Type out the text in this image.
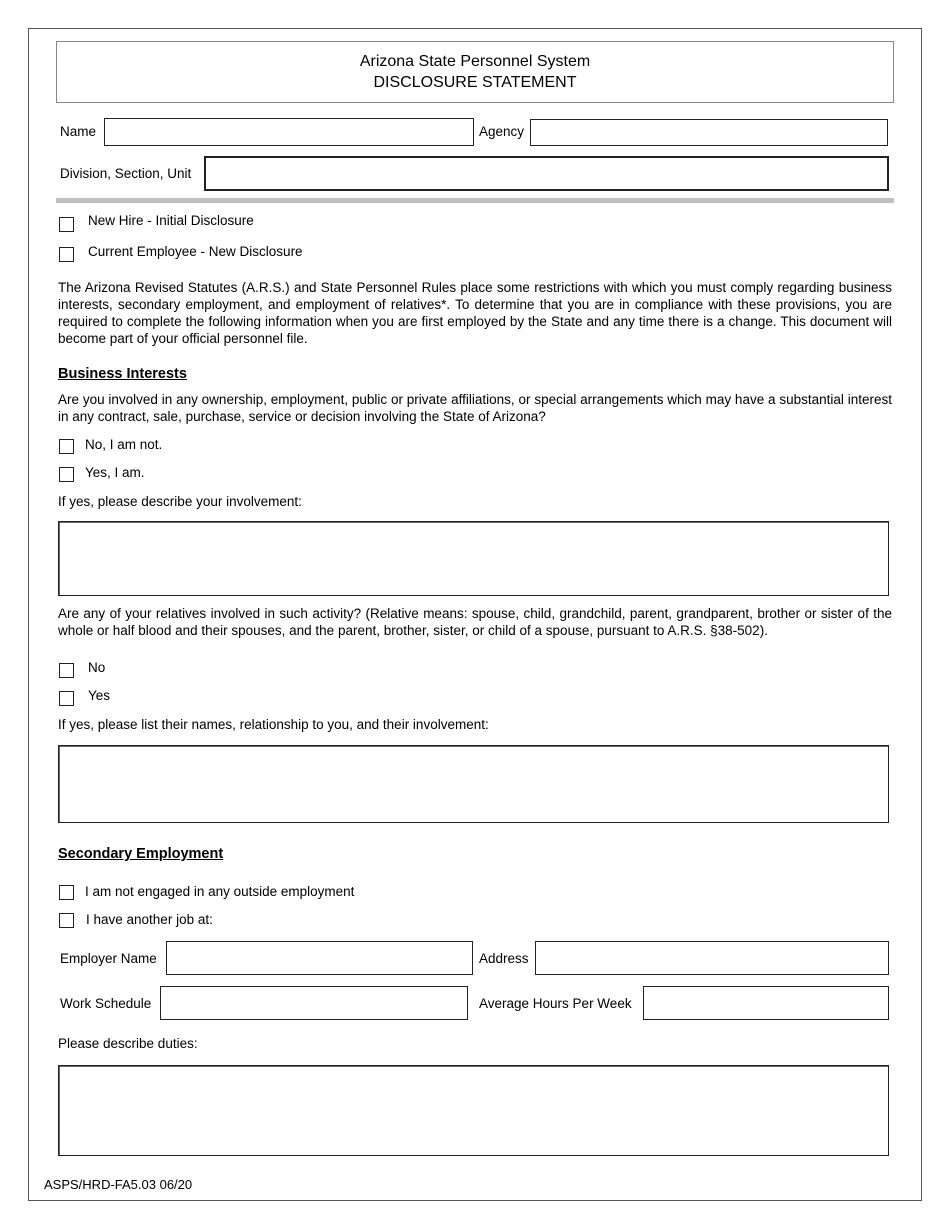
Arizona State Personnel System
DISCLOSURE STATEMENT
Name	Agency
Division, Section, Unit
New Hire - Initial Disclosure
Current Employee - New Disclosure
The Arizona Revised Statutes (A.R.S.) and State Personnel Rules place some restrictions with which you must comply regarding business interests, secondary employment, and employment of relatives*. To determine that you are in compliance with these provisions, you are required to complete the following information when you are first employed by the State and any time there is a change. This document will become part of your official personnel file.
Business Interests
Are you involved in any ownership, employment, public or private affiliations, or special arrangements which may have a substantial interest in any contract, sale, purchase, service or decision involving the State of Arizona?
No, I am not.
Yes, I am.
If yes, please describe your involvement:
Are any of your relatives involved in such activity? (Relative means: spouse, child, grandchild, parent, grandparent, brother or sister of the whole or half blood and their spouses, and the parent, brother, sister, or child of a spouse, pursuant to A.R.S. §38-502).
No
Yes
If yes, please list their names, relationship to you, and their involvement:
Secondary Employment
I am not engaged in any outside employment
I have another job at:
Employer Name	Address
Work Schedule	Average Hours Per Week
Please describe duties:
ASPS/HRD-FA5.03 06/20
